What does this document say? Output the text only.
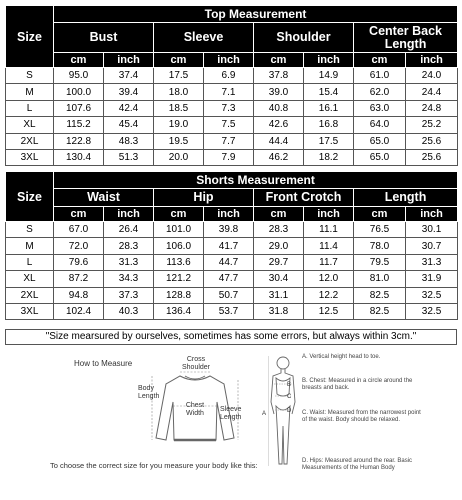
Size	Top Measurement							
	Bust		Sleeve		Shoulder		Center Back Length	
	cm	inch	cm	inch	cm	inch	cm	inch
S	95.0	37.4	17.5	6.9	37.8	14.9	61.0	24.0
M	100.0	39.4	18.0	7.1	39.0	15.4	62.0	24.4
L	107.6	42.4	18.5	7.3	40.8	16.1	63.0	24.8
XL	115.2	45.4	19.0	7.5	42.6	16.8	64.0	25.2
2XL	122.8	48.3	19.5	7.7	44.4	17.5	65.0	25.6
3XL	130.4	51.3	20.0	7.9	46.2	18.2	65.0	25.6
Size	Shorts Measurement							
	Waist		Hip		Front Crotch		Length	
	cm	inch	cm	inch	cm	inch	cm	inch
S	67.0	26.4	101.0	39.8	28.3	11.1	76.5	30.1
M	72.0	28.3	106.0	41.7	29.0	11.4	78.0	30.7
L	79.6	31.3	113.6	44.7	29.7	11.7	79.5	31.3
XL	87.2	34.3	121.2	47.7	30.4	12.0	81.0	31.9
2XL	94.8	37.3	128.8	50.7	31.1	12.2	82.5	32.5
3XL	102.4	40.3	136.4	53.7	31.8	12.5	82.5	32.5
"Size mearsured by ourselves, sometimes has some errors, but always within 3cm."
How to Measure	Cross Shoulder
Body Length
Chest Width
Sleeve Length
To choose the correct size for you measure your body like this:
A
B
C
D
A. Vertical height head to toe.
B. Chest: Measured in a circle around the breasts and back.
C. Waist: Measured from the narrowest point of the waist. Body should be relaxed.
D. Hips: Measured around the rear. Basic Measurements of the Human Body
